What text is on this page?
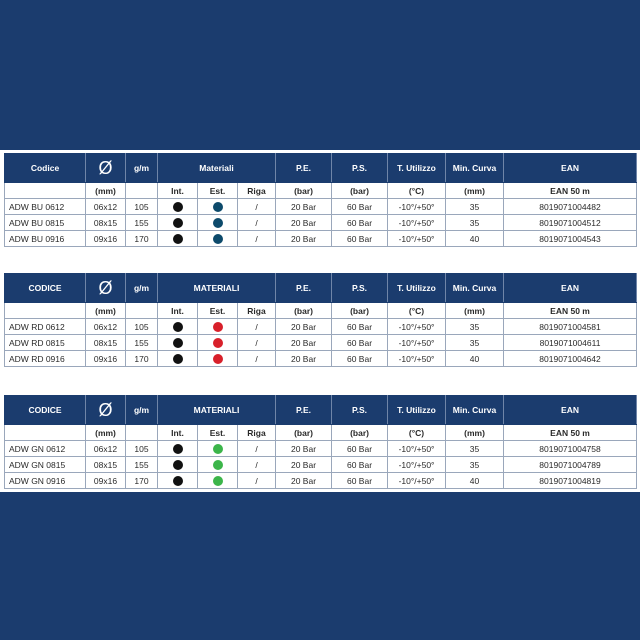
Codice	Ø	g/m	Materiali			P.E.	P.S.	T. Utilizzo	Min. Curva	EAN
	(mm)		Int.	Est.	Riga	(bar)	(bar)	(°C)	(mm)	EAN 50 m
ADW BU 0612	06x12	105			/	20 Bar	60 Bar	-10°/+50°	35	8019071004482
ADW BU 0815	08x15	155			/	20 Bar	60 Bar	-10°/+50°	35	8019071004512
ADW BU 0916	09x16	170			/	20 Bar	60 Bar	-10°/+50°	40	8019071004543
CODICE	Ø	g/m	MATERIALI			P.E.	P.S.	T. Utilizzo	Min. Curva	EAN
	(mm)		Int.	Est.	Riga	(bar)	(bar)	(°C)	(mm)	EAN 50 m
ADW RD 0612	06x12	105			/	20 Bar	60 Bar	-10°/+50°	35	8019071004581
ADW RD 0815	08x15	155			/	20 Bar	60 Bar	-10°/+50°	35	8019071004611
ADW RD 0916	09x16	170			/	20 Bar	60 Bar	-10°/+50°	40	8019071004642
CODICE	Ø	g/m	MATERIALI			P.E.	P.S.	T. Utilizzo	Min. Curva	EAN
	(mm)		Int.	Est.	Riga	(bar)	(bar)	(°C)	(mm)	EAN 50 m
ADW GN 0612	06x12	105			/	20 Bar	60 Bar	-10°/+50°	35	8019071004758
ADW GN 0815	08x15	155			/	20 Bar	60 Bar	-10°/+50°	35	8019071004789
ADW GN 0916	09x16	170			/	20 Bar	60 Bar	-10°/+50°	40	8019071004819
